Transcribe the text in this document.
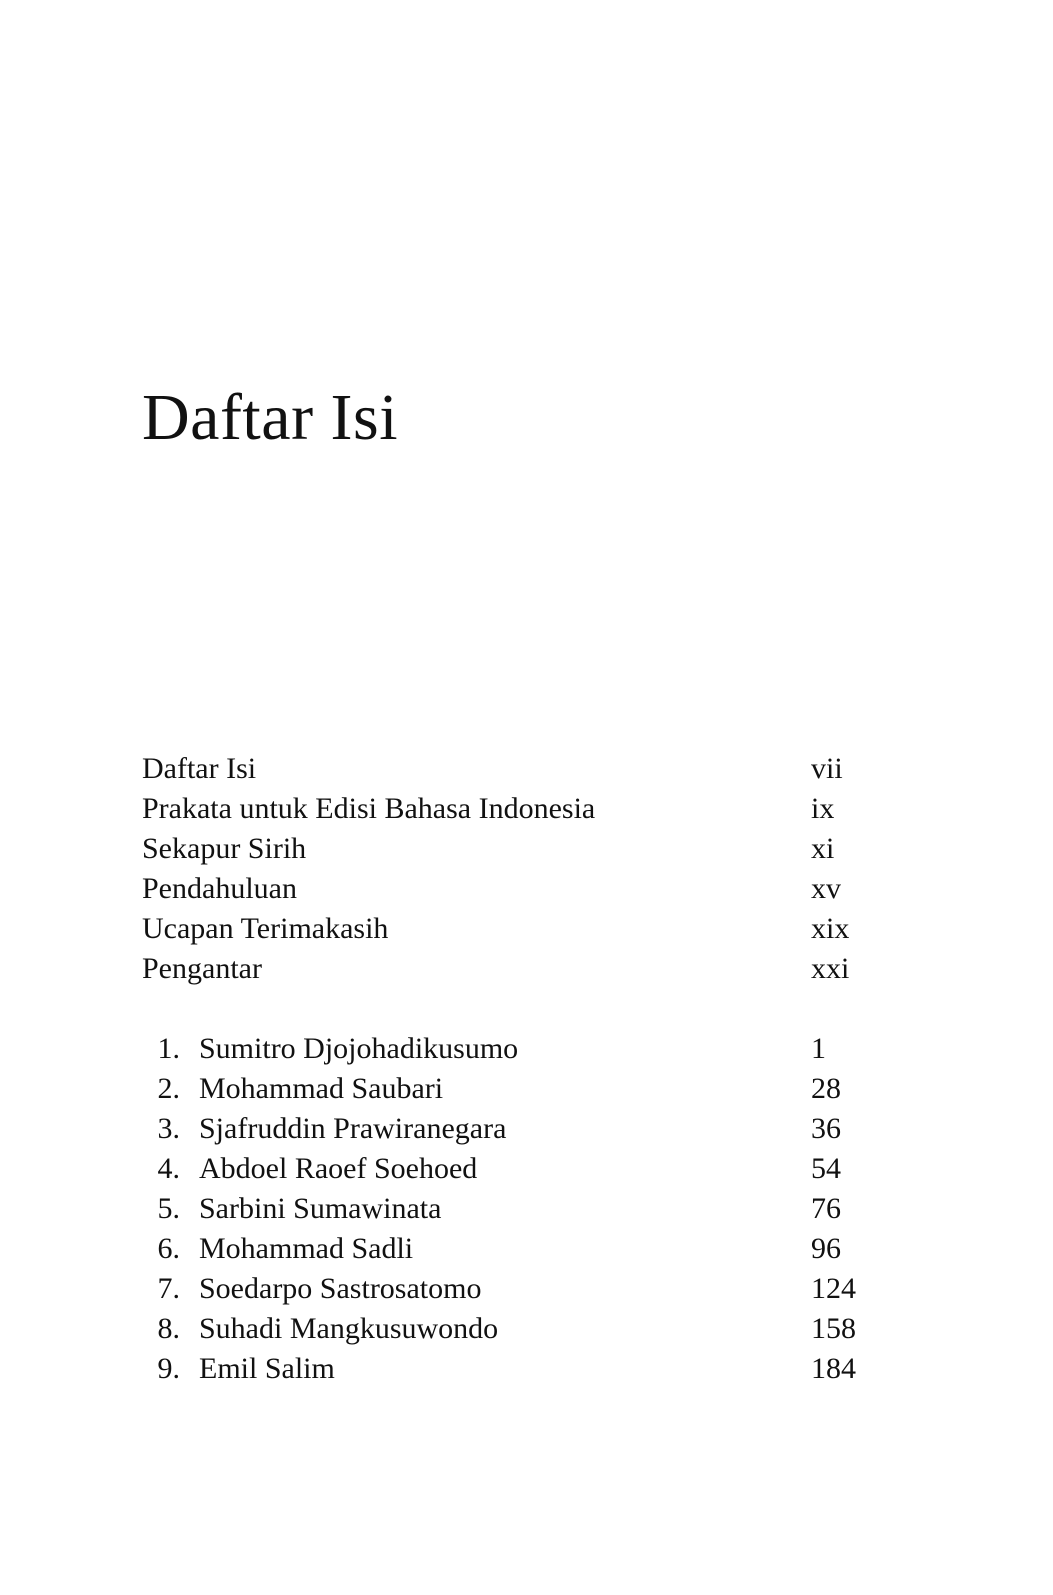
Daftar Isi
Daftar Isi	vii
Prakata untuk Edisi Bahasa Indonesia	ix
Sekapur Sirih	xi
Pendahuluan	xv
Ucapan Terimakasih	xix
Pengantar	xxi
1. Sumitro Djojohadikusumo	1
2. Mohammad Saubari	28
3. Sjafruddin Prawiranegara	36
4. Abdoel Raoef Soehoed	54
5. Sarbini Sumawinata	76
6. Mohammad Sadli	96
7. Soedarpo Sastrosatomo	124
8. Suhadi Mangkusuwondo	158
9. Emil Salim	184
